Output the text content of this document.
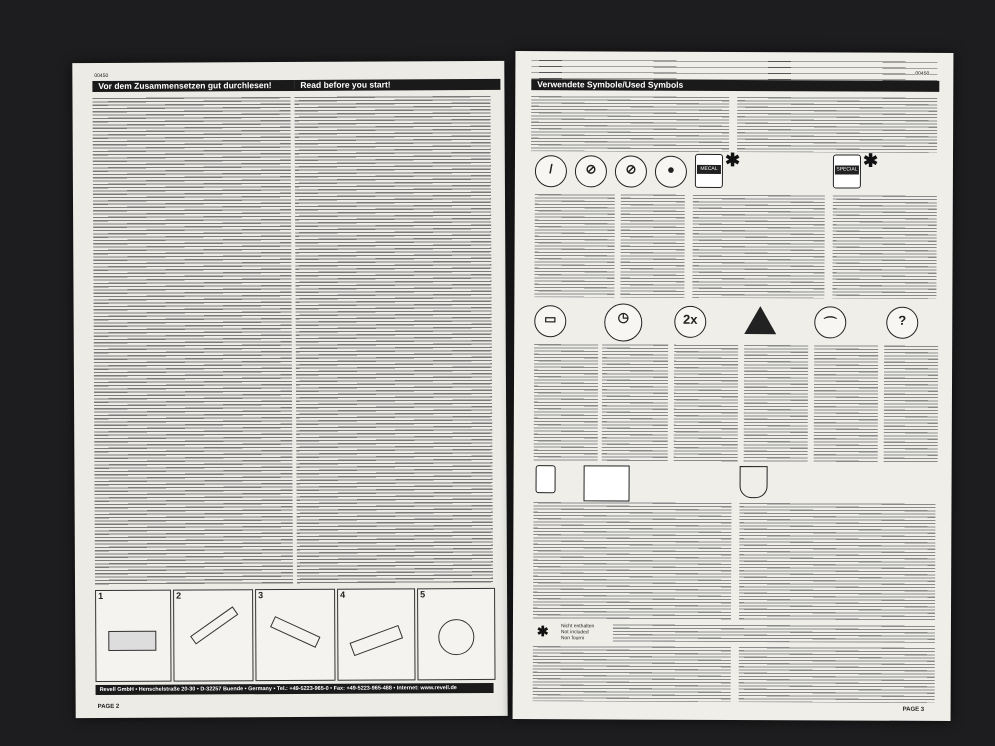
00450
Vor dem Zusammensetzen gut durchlesen!	Read before you start!
1	2	3	4	5
Revell GmbH • Henschelstraße 20-30 • D-32257 Buende • Germany • Tel.: +49-5223-965-0 • Fax: +49-5223-965-488 • Internet: www.revell.de
PAGE 2
00450
Verwendete Symbole/Used Symbols
/	⊘	⊘	●	MECAL Sat
✱	SPECIAL ✱
▭	◷	2x	⌒	?
✱ Nicht enthalten
Not included
Non fourni
PAGE 3
